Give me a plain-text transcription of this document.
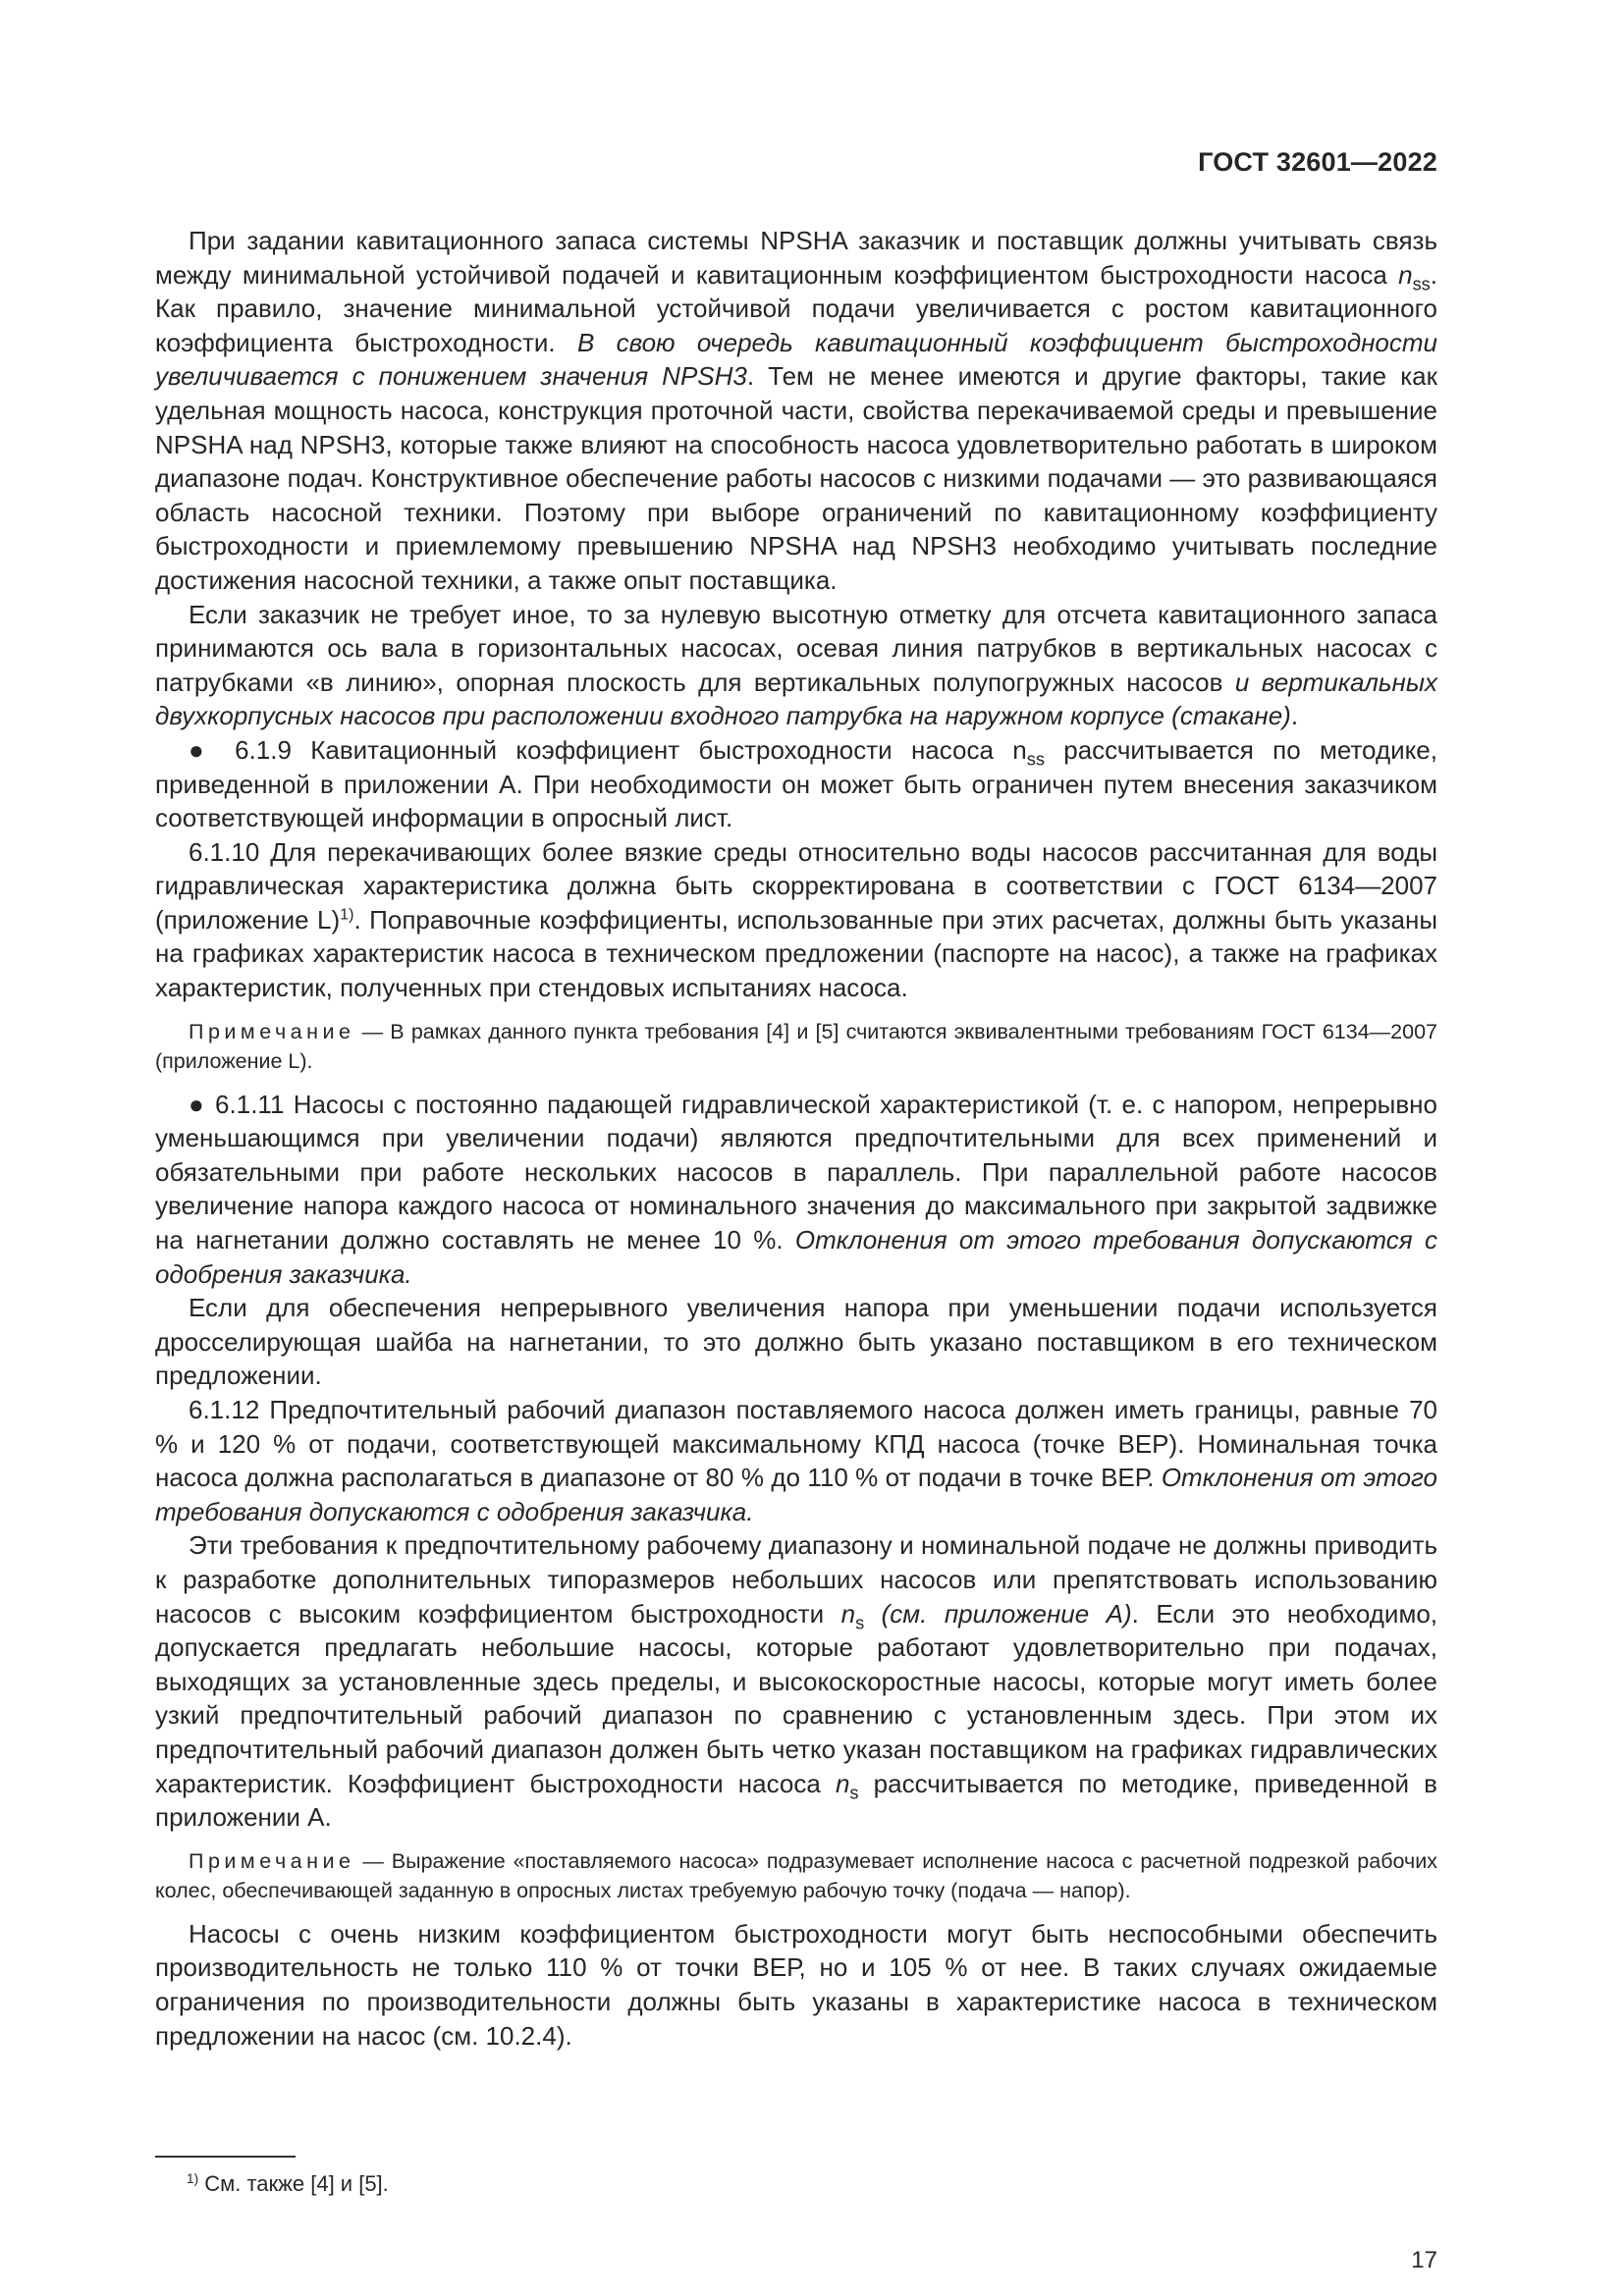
ГОСТ 32601—2022

При задании кавитационного запаса системы NPSHA заказчик и поставщик должны учитывать связь между минимальной устойчивой подачей и кавитационным коэффициентом быстроходности насоса $n_{ss}$. Как правило, значение минимальной устойчивой подачи увеличивается с ростом кавитационного коэффициента быстроходности. В свою очередь кавитационный коэффициент быстроходности увеличивается с понижением значения NPSH3. Тем не менее имеются и другие факторы, такие как удельная мощность насоса, конструкция проточной части, свойства перекачиваемой среды и превышение NPSHA над NPSH3, которые также влияют на способность насоса удовлетворительно работать в широком диапазоне подач. Конструктивное обеспечение работы насосов с низкими подачами — это развивающаяся область насосной техники. Поэтому при выборе ограничений по кавитационному коэффициенту быстроходности и приемлемому превышению NPSHA над NPSH3 необходимо учитывать последние достижения насосной техники, а также опыт поставщика.

Если заказчик не требует иное, то за нулевую высотную отметку для отсчета кавитационного запаса принимаются ось вала в горизонтальных насосах, осевая линия патрубков в вертикальных насосах с патрубками «в линию», опорная плоскость для вертикальных полупогружных насосов и вертикальных двухкорпусных насосов при расположении входного патрубка на наружном корпусе (стакане).

● 6.1.9 Кавитационный коэффициент быстроходности насоса $n_{ss}$ рассчитывается по методике, приведенной в приложении А. При необходимости он может быть ограничен путем внесения заказчиком соответствующей информации в опросный лист.

6.1.10 Для перекачивающих более вязкие среды относительно воды насосов рассчитанная для воды гидравлическая характеристика должна быть скорректирована в соответствии с ГОСТ 6134—2007 (приложение L)$^{1)}$. Поправочные коэффициенты, использованные при этих расчетах, должны быть указаны на графиках характеристик насоса в техническом предложении (паспорте на насос), а также на графиках характеристик, полученных при стендовых испытаниях насоса.

Примечание — В рамках данного пункта требования [4] и [5] считаются эквивалентными требованиям ГОСТ 6134—2007 (приложение L).

● 6.1.11 Насосы с постоянно падающей гидравлической характеристикой (т. е. с напором, непрерывно уменьшающимся при увеличении подачи) являются предпочтительными для всех применений и обязательными при работе нескольких насосов в параллель. При параллельной работе насосов увеличение напора каждого насоса от номинального значения до максимального при закрытой задвижке на нагнетании должно составлять не менее 10 %. Отклонения от этого требования допускаются с одобрения заказчика.

Если для обеспечения непрерывного увеличения напора при уменьшении подачи используется дросселирующая шайба на нагнетании, то это должно быть указано поставщиком в его техническом предложении.

6.1.12 Предпочтительный рабочий диапазон поставляемого насоса должен иметь границы, равные 70 % и 120 % от подачи, соответствующей максимальному КПД насоса (точке ВЕР). Номинальная точка насоса должна располагаться в диапазоне от 80 % до 110 % от подачи в точке ВЕР. Отклонения от этого требования допускаются с одобрения заказчика.

Эти требования к предпочтительному рабочему диапазону и номинальной подаче не должны приводить к разработке дополнительных типоразмеров небольших насосов или препятствовать использованию насосов с высоким коэффициентом быстроходности $n_s$ (см. приложение А). Если это необходимо, допускается предлагать небольшие насосы, которые работают удовлетворительно при подачах, выходящих за установленные здесь пределы, и высокоскоростные насосы, которые могут иметь более узкий предпочтительный рабочий диапазон по сравнению с установленным здесь. При этом их предпочтительный рабочий диапазон должен быть четко указан поставщиком на графиках гидравлических характеристик. Коэффициент быстроходности насоса $n_s$ рассчитывается по методике, приведенной в приложении А.

Примечание — Выражение «поставляемого насоса» подразумевает исполнение насоса с расчетной подрезкой рабочих колес, обеспечивающей заданную в опросных листах требуемую рабочую точку (подача — напор).

Насосы с очень низким коэффициентом быстроходности могут быть неспособными обеспечить производительность не только 110 % от точки ВЕР, но и 105 % от нее. В таких случаях ожидаемые ограничения по производительности должны быть указаны в характеристике насоса в техническом предложении на насос (см. 10.2.4).

$^{1)}$ См. также [4] и [5].
17
